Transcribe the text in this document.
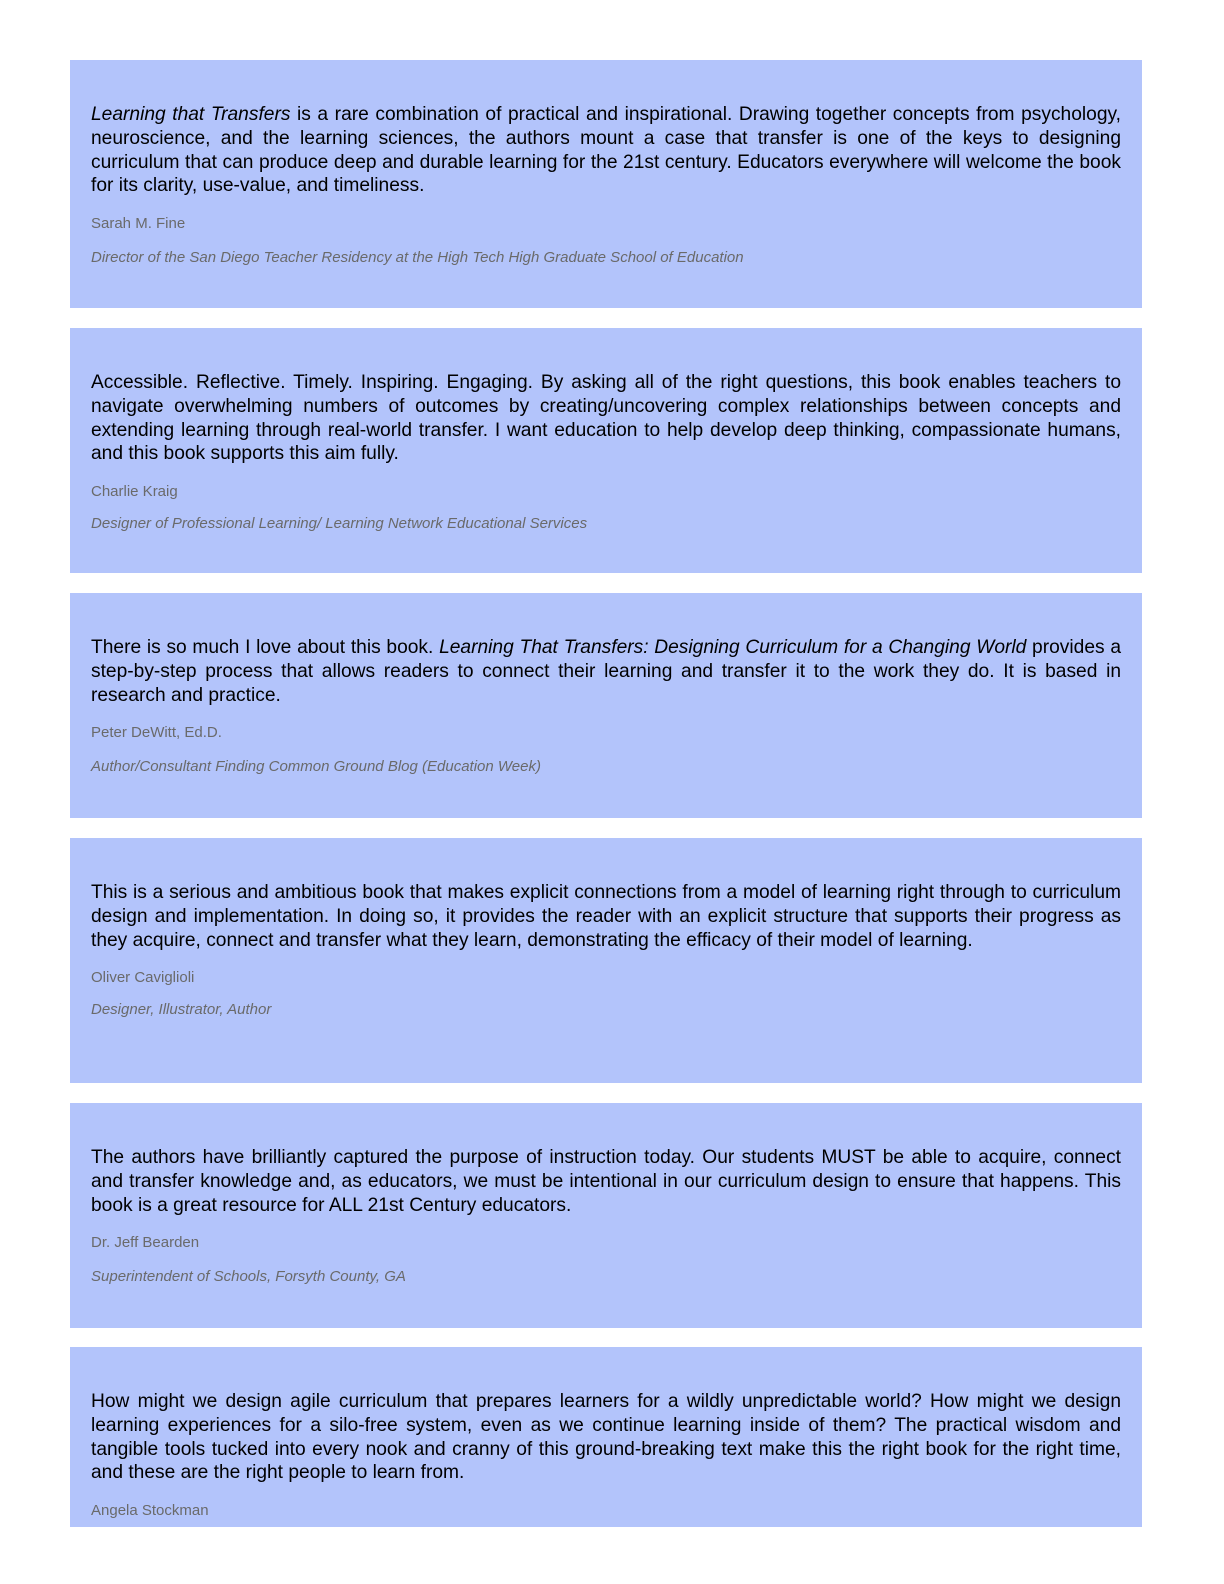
Learning that Transfers is a rare combination of practical and inspirational. Drawing together concepts from psychology, neuroscience, and the learning sciences, the authors mount a case that transfer is one of the keys to designing curriculum that can produce deep and durable learning for the 21st century. Educators everywhere will welcome the book for its clarity, use-value, and timeliness.

Sarah M. Fine

Director of the San Diego Teacher Residency at the High Tech High Graduate School of Education

Accessible. Reflective. Timely. Inspiring. Engaging. By asking all of the right questions, this book enables teachers to navigate overwhelming numbers of outcomes by creating/uncovering complex relationships between concepts and extending learning through real-world transfer. I want education to help develop deep thinking, compassionate humans, and this book supports this aim fully.

Charlie Kraig

Designer of Professional Learning/ Learning Network Educational Services

There is so much I love about this book. Learning That Transfers: Designing Curriculum for a Changing World provides a step-by-step process that allows readers to connect their learning and transfer it to the work they do. It is based in research and practice.

Peter DeWitt, Ed.D.

Author/Consultant Finding Common Ground Blog (Education Week)

This is a serious and ambitious book that makes explicit connections from a model of learning right through to curriculum design and implementation. In doing so, it provides the reader with an explicit structure that supports their progress as they acquire, connect and transfer what they learn, demonstrating the efficacy of their model of learning.

Oliver Caviglioli

Designer, Illustrator, Author

The authors have brilliantly captured the purpose of instruction today. Our students MUST be able to acquire, connect and transfer knowledge and, as educators, we must be intentional in our curriculum design to ensure that happens. This book is a great resource for ALL 21st Century educators.

Dr. Jeff Bearden

Superintendent of Schools, Forsyth County, GA

How might we design agile curriculum that prepares learners for a wildly unpredictable world? How might we design learning experiences for a silo-free system, even as we continue learning inside of them? The practical wisdom and tangible tools tucked into every nook and cranny of this ground-breaking text make this the right book for the right time, and these are the right people to learn from.

Angela Stockman
